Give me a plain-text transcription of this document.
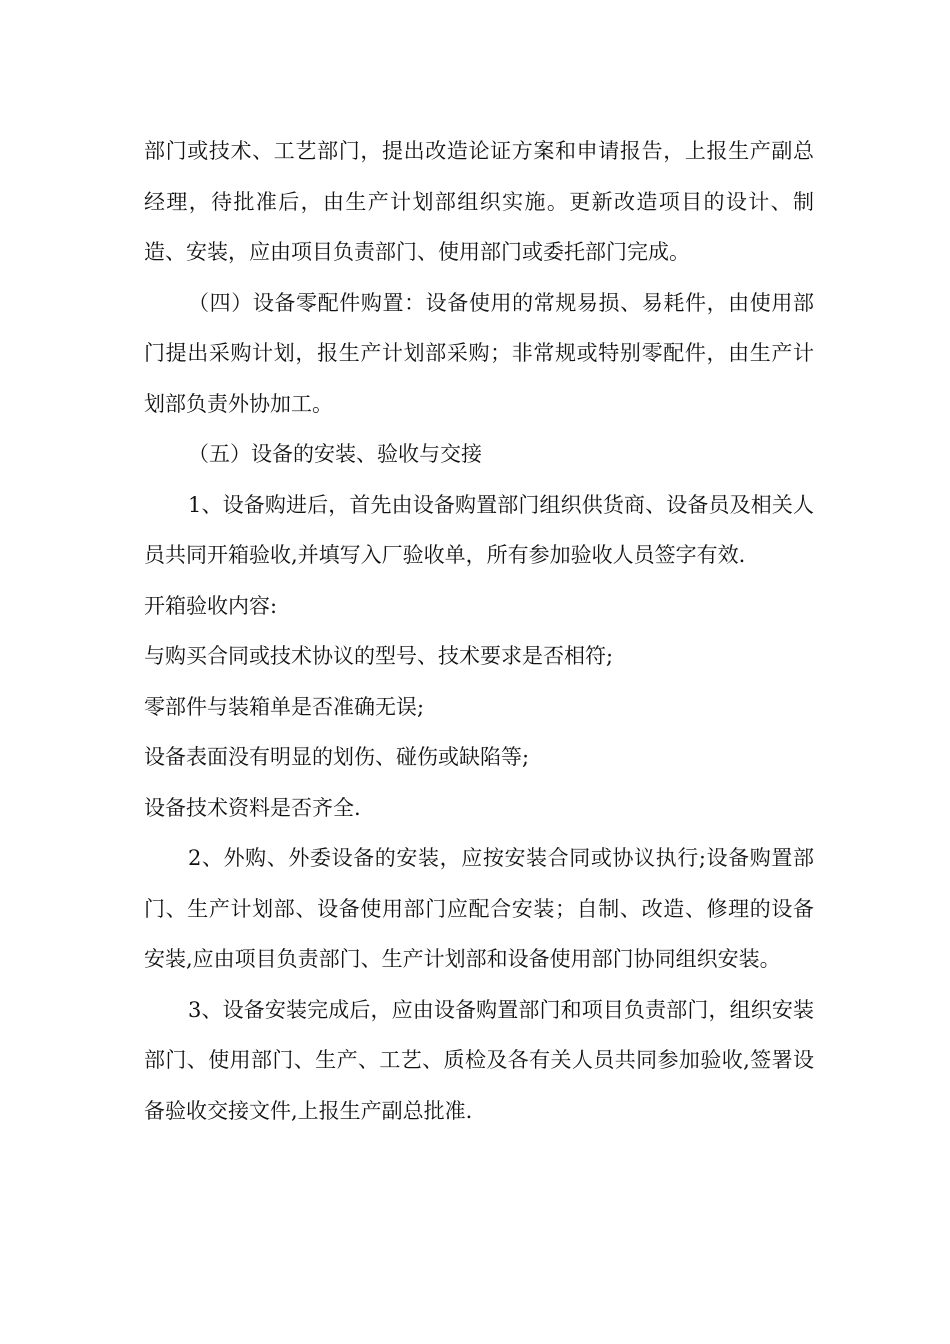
部门或技术、工艺部门，提出改造论证方案和申请报告，上报生产副总经理，待批准后，由生产计划部组织实施。更新改造项目的设计、制造、安装，应由项目负责部门、使用部门或委托部门完成。

（四）设备零配件购置：设备使用的常规易损、易耗件，由使用部门提出采购计划，报生产计划部采购；非常规或特别零配件，由生产计划部负责外协加工。

（五）设备的安装、验收与交接

1、设备购进后，首先由设备购置部门组织供货商、设备员及相关人员共同开箱验收,并填写入厂验收单，所有参加验收人员签字有效.

开箱验收内容:

与购买合同或技术协议的型号、技术要求是否相符;

零部件与装箱单是否准确无误;

设备表面没有明显的划伤、碰伤或缺陷等;

设备技术资料是否齐全.

2、外购、外委设备的安装，应按安装合同或协议执行;设备购置部门、生产计划部、设备使用部门应配合安装；自制、改造、修理的设备安装,应由项目负责部门、生产计划部和设备使用部门协同组织安装。

3、设备安装完成后，应由设备购置部门和项目负责部门，组织安装部门、使用部门、生产、工艺、质检及各有关人员共同参加验收,签署设备验收交接文件,上报生产副总批准.
